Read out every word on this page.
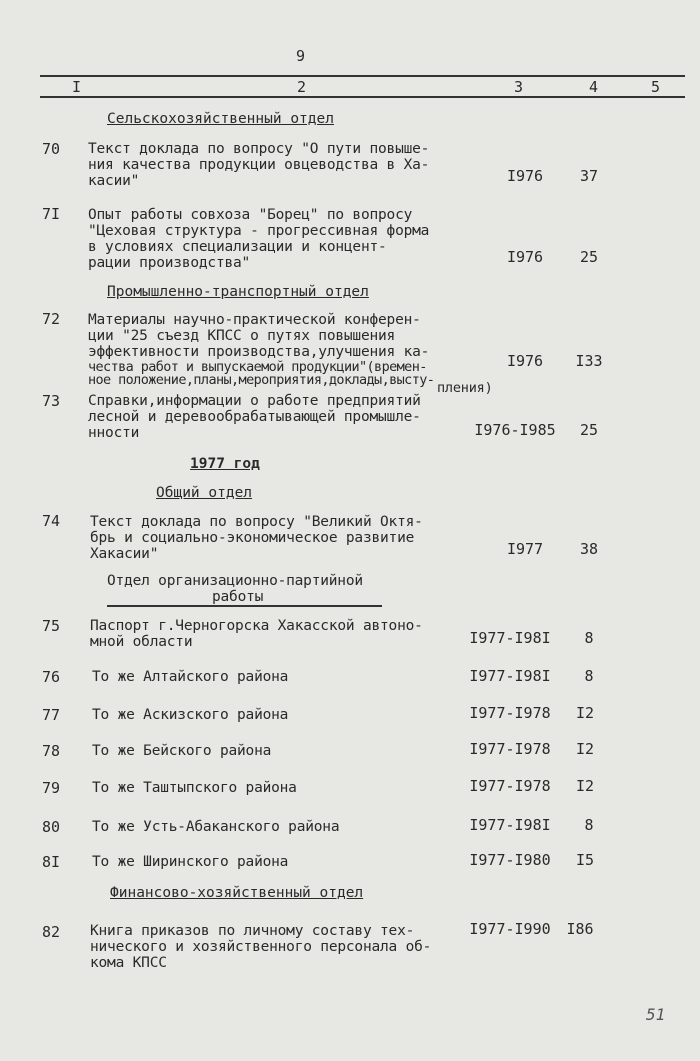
9
I	2	3	4	5
Сельскохозяйственный отдел
70 Текст доклада по вопросу "О пути повыше-
ния качества продукции овцеводства в Ха-
касии"	I976	37
7I Опыт работы совхоза "Борец" по вопросу
"Цеховая структура - прогрессивная форма
в условиях специализации и концент-
рации производства"	I976	25
Промышленно-транспортный отдел
72 Материалы научно-практической конферен-
ции "25 съезд КПСС о путях повышения
эффективности производства,улучшения ка-
чества работ и выпускаемой продукции"(времен-
ное положение,планы,мероприятия,доклады,высту- пления)
I976	I33
73 Справки,информации о работе предприятий
лесной и деревообрабатывающей промышле-
нности	I976-I985	25
1977 год
Общий отдел
74 Текст доклада по вопросу "Великий Октя-
брь и социально-экономическое развитие
Хакасии"	I977	38
Отдел организационно-партийной
работы
75 Паспорт г.Черногорска Хакасской автоно-
мной области	I977-I98I	8
76 То же Алтайского района	I977-I98I	8
77 То же Аскизского района	I977-I978	I2
78 То же Бейского района	I977-I978	I2
79 То же Таштыпского района	I977-I978	I2
80 То же Усть-Абаканского района	I977-I98I	8
8I То же Ширинского района	I977-I980	I5
Финансово-хозяйственный отдел
82 Книга приказов по личному составу тех-
нического и хозяйственного персонала об-
кома КПСС
I977-I990	I86
51
